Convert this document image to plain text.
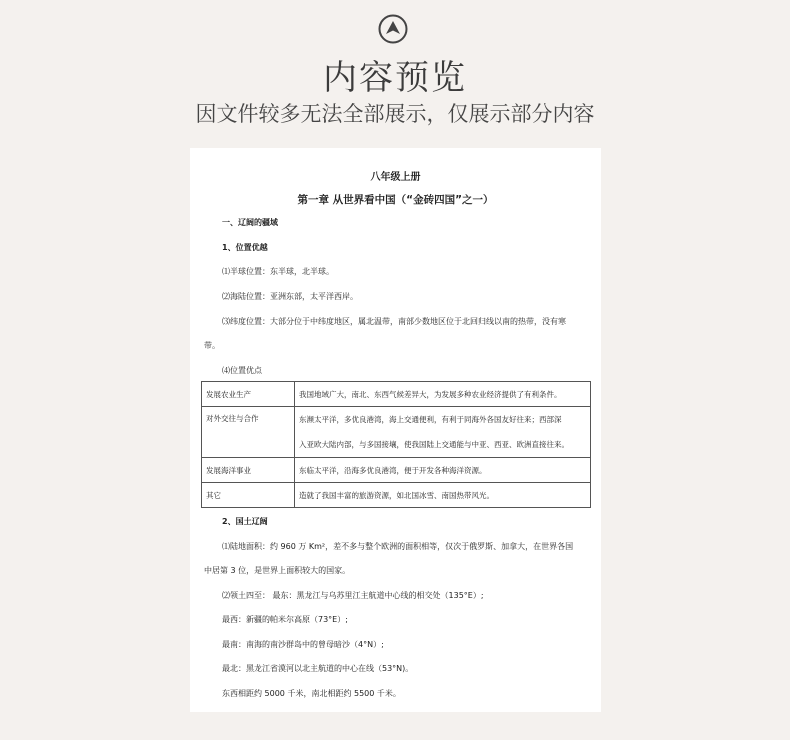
内容预览
因文件较多无法全部展示，仅展示部分内容
八年级上册
第一章 从世界看中国（“金砖四国”之一）
一、辽阔的疆域
1、位置优越
⑴半球位置：东半球，北半球。
⑵海陆位置：亚洲东部，太平洋西岸。
⑶纬度位置：大部分位于中纬度地区，属北温带，南部少数地区位于北回归线以南的热带，没有寒
带。
⑷位置优点
发展农业生产	我国地域广大，南北、东西气候差异大，为发展多种农业经济提供了有利条件。
对外交往与合作	东濒太平洋，多优良港湾，海上交通便利，有利于同海外各国友好往来；西部深
入亚欧大陆内部，与多国接壤，使我国陆上交通能与中亚、西亚、欧洲直接往来。

发展海洋事业	东临太平洋，沿海多优良港湾，便于开发各种海洋资源。
其它	造就了我国丰富的旅游资源，如北国冰雪、南国热带风光。
2、国土辽阔
⑴陆地面积：约 960 万 Km²，差不多与整个欧洲的面积相等，仅次于俄罗斯、加拿大，在世界各国
中居第 3 位，是世界上面积较大的国家。
⑵领土四至： 最东：黑龙江与乌苏里江主航道中心线的相交处（135°E）;
最西：新疆的帕米尔高原（73°E）;
最南：南海的南沙群岛中的曾母暗沙（4°N）;
最北：黑龙江省漠河以北主航道的中心在线（53°N)。
东西相距约 5000 千米，南北相距约 5500 千米。
